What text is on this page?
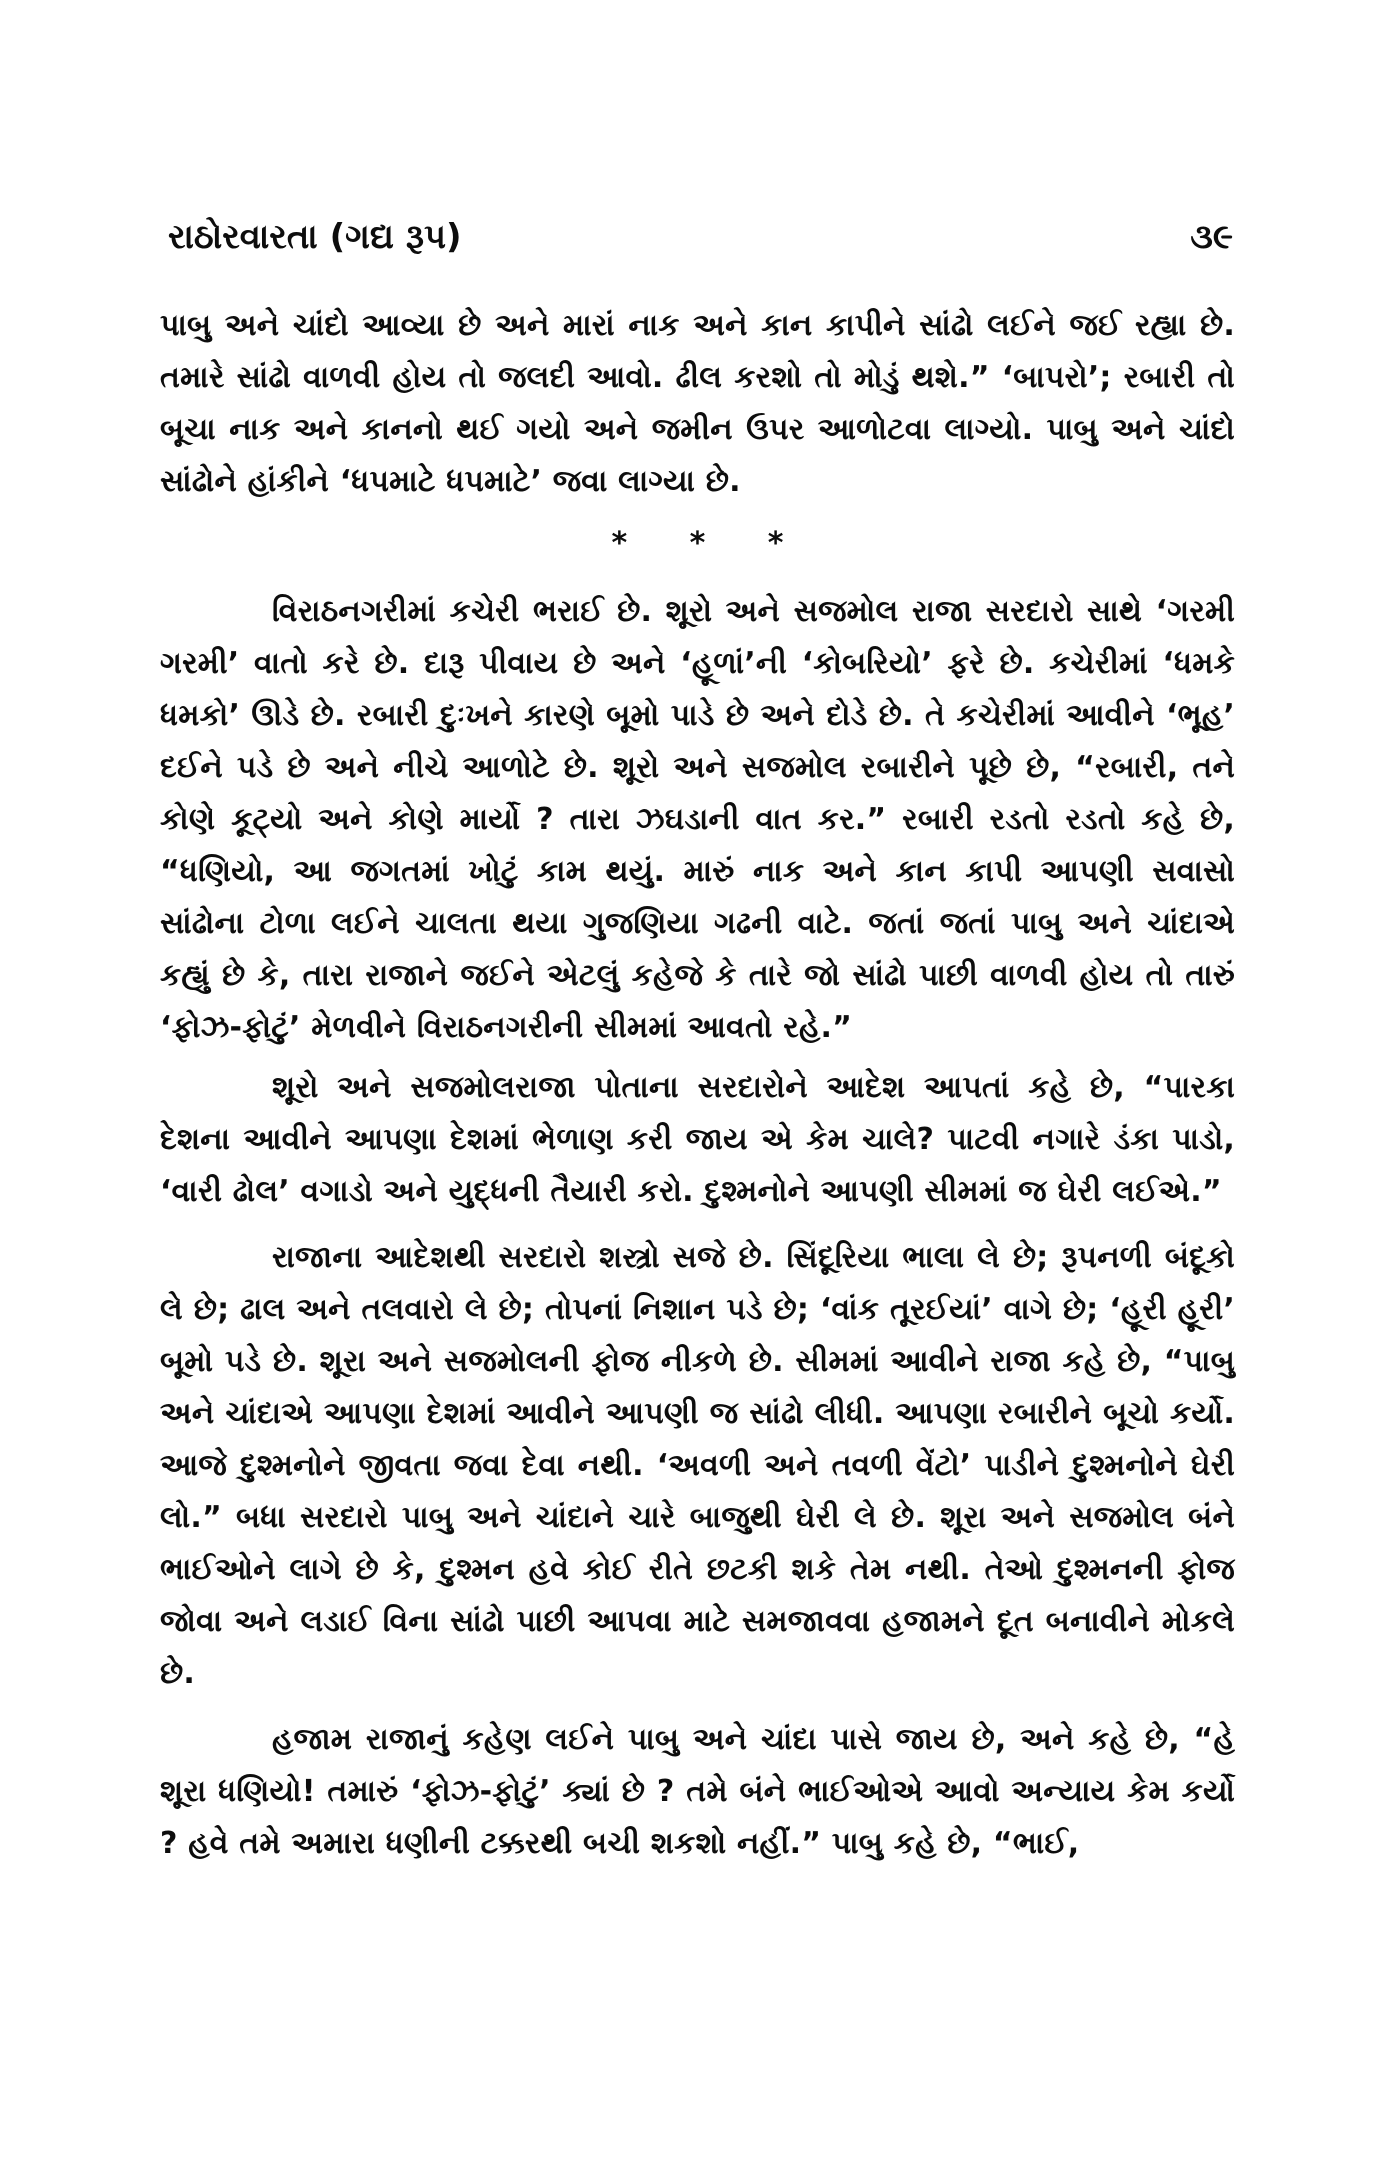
રાઠોરવારતા (ગદ્ય રૂપ)	૩૯

પાબુ અને ચાંદો આવ્યા છે અને મારાં નાક અને કાન કાપીને સાંઢો લઈને જઈ રહ્યા છે. તમારે સાંઢો વાળવી હોય તો જલદી આવો. ઢીલ કરશો તો મોડું થશે.” ‘બાપરો’; રબારી તો બૂચા નાક અને કાનનો થઈ ગયો અને જમીન ઉપર આળોટવા લાગ્યો. પાબુ અને ચાંદો સાંઢોને હાંકીને ‘ધપમાટે ધપમાટે’ જવા લાગ્યા છે.

* * *

વિરાઠનગરીમાં કચેરી ભરાઈ છે. શૂરો અને સજમોલ રાજા સરદારો સાથે ‘ગરમી ગરમી’ વાતો કરે છે. દારૂ પીવાય છે અને ‘હૂળાં’ની ‘કોબરિયો’ ફરે છે. કચેરીમાં ‘ધમકે ધમકો’ ઊડે છે. રબારી દુઃખને કારણે બૂમો પાડે છે અને દોડે છે. તે કચેરીમાં આવીને ‘ભૂહ’ દઈને પડે છે અને નીચે આળોટે છે. શૂરો અને સજમોલ રબારીને પૂછે છે, “રબારી, તને કોણે કૂટ્યો અને કોણે માર્યો ? તારા ઝઘડાની વાત કર.” રબારી રડતો રડતો કહે છે, “ધણિયો, આ જગતમાં ખોટું કામ થયું. મારું નાક અને કાન કાપી આપણી સવાસો સાંઢોના ટોળા લઈને ચાલતા થયા ગુજણિયા ગઢની વાટે. જતાં જતાં પાબુ અને ચાંદાએ કહ્યું છે કે, તારા રાજાને જઈને એટલું કહેજે કે તારે જો સાંઢો પાછી વાળવી હોય તો તારું ‘ફોઝ-ફોટું’ મેળવીને વિરાઠનગરીની સીમમાં આવતો રહે.”

શૂરો અને સજમોલરાજા પોતાના સરદારોને આદેશ આપતાં કહે છે, “પારકા દેશના આવીને આપણા દેશમાં ભેળાણ કરી જાય એ કેમ ચાલે? પાટવી નગારે ડંકા પાડો, ‘વારી ઢોલ’ વગાડો અને યુદ્ધની તૈયારી કરો. દુશ્મનોને આપણી સીમમાં જ ઘેરી લઈએ.”

રાજાના આદેશથી સરદારો શસ્ત્રો સજે છે. સિંદૂરિયા ભાલા લે છે; રૂપનળી બંદૂકો લે છે; ઢાલ અને તલવારો લે છે; તોપનાં નિશાન પડે છે; ‘વાંક તૂરઈયાં’ વાગે છે; ‘હૂરી હૂરી’ બૂમો પડે છે. શૂરા અને સજમોલની ફોજ નીકળે છે. સીમમાં આવીને રાજા કહે છે, “પાબુ અને ચાંદાએ આપણા દેશમાં આવીને આપણી જ સાંઢો લીધી. આપણા રબારીને બૂચો કર્યો. આજે દુશ્મનોને જીવતા જવા દેવા નથી. ‘અવળી અને તવળી વેંટો’ પાડીને દુશ્મનોને ઘેરી લો.” બધા સરદારો પાબુ અને ચાંદાને ચારે બાજુથી ઘેરી લે છે. શૂરા અને સજમોલ બંને ભાઈઓને લાગે છે કે, દુશ્મન હવે કોઈ રીતે છટકી શકે તેમ નથી. તેઓ દુશ્મનની ફોજ જોવા અને લડાઈ વિના સાંઢો પાછી આપવા માટે સમજાવવા હજામને દૂત બનાવીને મોકલે છે.

હજામ રાજાનું કહેણ લઈને પાબુ અને ચાંદા પાસે જાય છે, અને કહે છે, “હે શૂરા ધણિયો! તમારું ‘ફોઝ-ફોટું’ ક્યાં છે ? તમે બંને ભાઈઓએ આવો અન્યાય કેમ કર્યો ? હવે તમે અમારા ધણીની ટક્કરથી બચી શકશો નહીં.” પાબુ કહે છે, “ભાઈ,
